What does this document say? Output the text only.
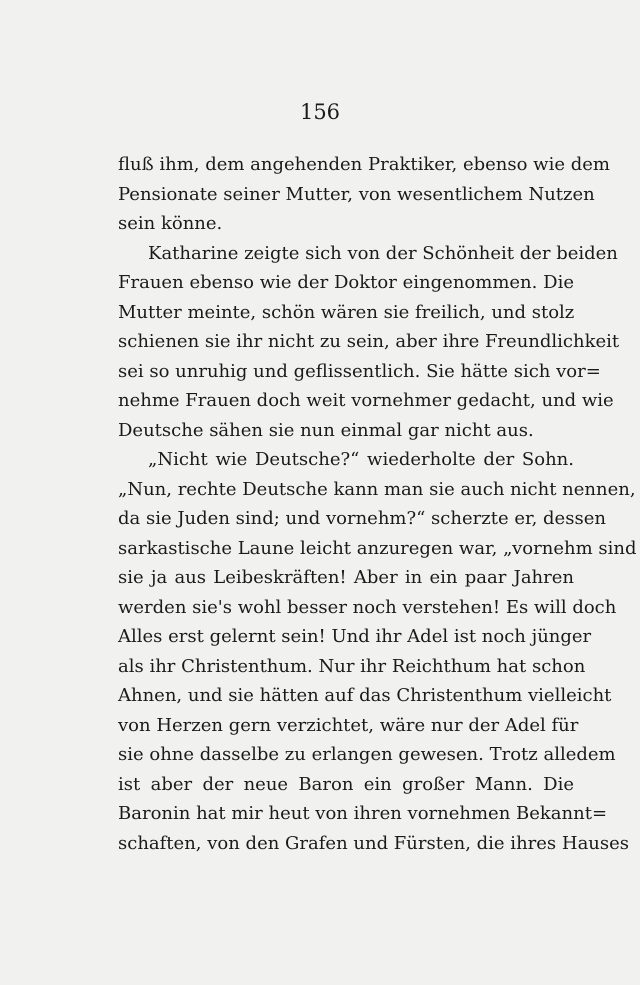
156
fluß ihm, dem angehenden Praktiker, ebenso wie dem
Pensionate seiner Mutter, von wesentlichem Nutzen
sein könne.
Katharine zeigte sich von der Schönheit der beiden
Frauen ebenso wie der Doktor eingenommen. Die
Mutter meinte, schön wären sie freilich, und stolz
schienen sie ihr nicht zu sein, aber ihre Freundlichkeit
sei so unruhig und geflissentlich. Sie hätte sich vor=
nehme Frauen doch weit vornehmer gedacht, und wie
Deutsche sähen sie nun einmal gar nicht aus.
„Nicht wie Deutsche?“ wiederholte der Sohn.
„Nun, rechte Deutsche kann man sie auch nicht nennen,
da sie Juden sind; und vornehm?“ scherzte er, dessen
sarkastische Laune leicht anzuregen war, „vornehm sind
sie ja aus Leibeskräften! Aber in ein paar Jahren
werden sie's wohl besser noch verstehen! Es will doch
Alles erst gelernt sein! Und ihr Adel ist noch jünger
als ihr Christenthum. Nur ihr Reichthum hat schon
Ahnen, und sie hätten auf das Christenthum vielleicht
von Herzen gern verzichtet, wäre nur der Adel für
sie ohne dasselbe zu erlangen gewesen. Trotz alledem
ist aber der neue Baron ein großer Mann. Die
Baronin hat mir heut von ihren vornehmen Bekannt=
schaften, von den Grafen und Fürsten, die ihres Hauses
